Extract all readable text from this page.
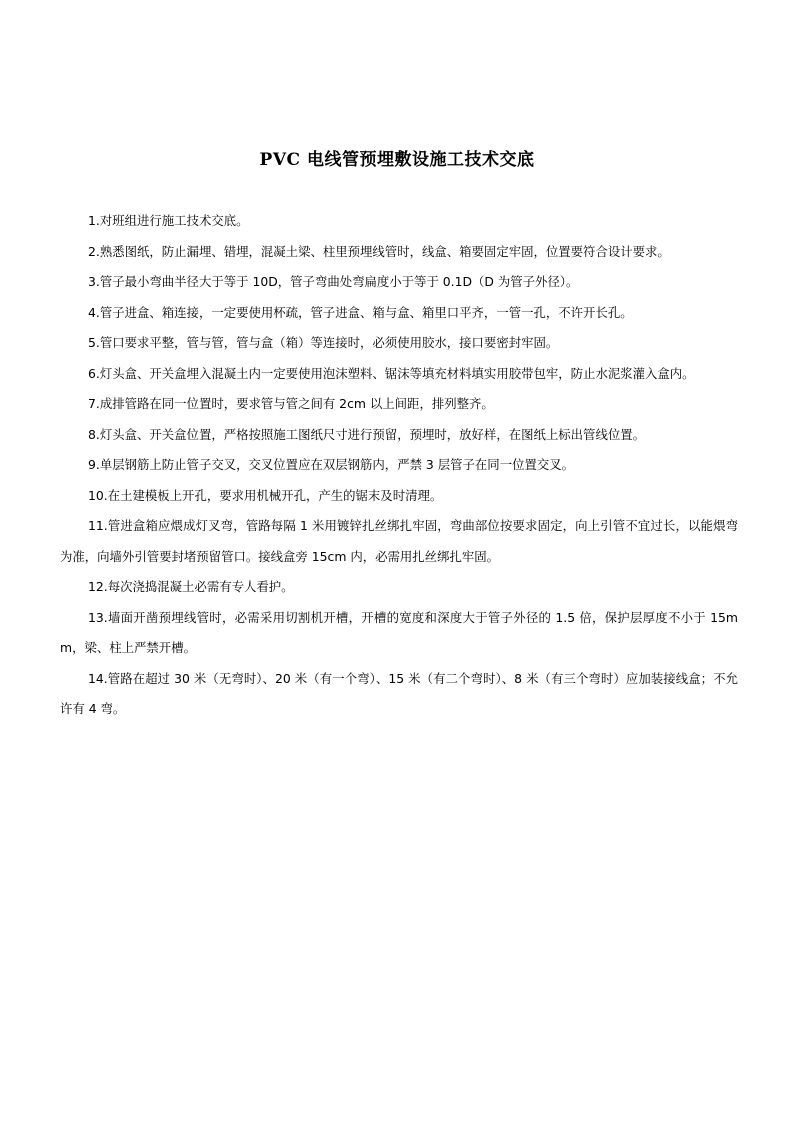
PVC 电线管预埋敷设施工技术交底

1.对班组进行施工技术交底。

2.熟悉图纸，防止漏埋、错埋，混凝土梁、柱里预埋线管时，线盒、箱要固定牢固，位置要符合设计要求。

3.管子最小弯曲半径大于等于 10D，管子弯曲处弯扁度小于等于 0.1D（D 为管子外径）。

4.管子进盒、箱连接，一定要使用杯疏，管子进盒、箱与盒、箱里口平齐，一管一孔，不许开长孔。

5.管口要求平整，管与管，管与盒（箱）等连接时，必须使用胶水，接口要密封牢固。

6.灯头盒、开关盒埋入混凝土内一定要使用泡沫塑料、锯沫等填充材料填实用胶带包牢，防止水泥浆灌入盒内。

7.成排管路在同一位置时，要求管与管之间有 2cm 以上间距，排列整齐。

8.灯头盒、开关盒位置，严格按照施工图纸尺寸进行预留，预埋时，放好样，在图纸上标出管线位置。

9.单层钢筋上防止管子交叉，交叉位置应在双层钢筋内，严禁 3 层管子在同一位置交叉。

10.在土建模板上开孔，要求用机械开孔，产生的锯末及时清理。

11.管进盒箱应煨成灯叉弯，管路每隔 1 米用镀锌扎丝绑扎牢固，弯曲部位按要求固定，向上引管不宜过长，以能煨弯为准，向墙外引管要封堵预留管口。接线盒旁 15cm 内，必需用扎丝绑扎牢固。

12.每次浇捣混凝土必需有专人看护。

13.墙面开凿预埋线管时，必需采用切割机开槽，开槽的宽度和深度大于管子外径的 1.5 倍，保护层厚度不小于 15mm，梁、柱上严禁开槽。

14.管路在超过 30 米（无弯时）、20 米（有一个弯）、15 米（有二个弯时）、8 米（有三个弯时）应加装接线盒；不允许有 4 弯。
